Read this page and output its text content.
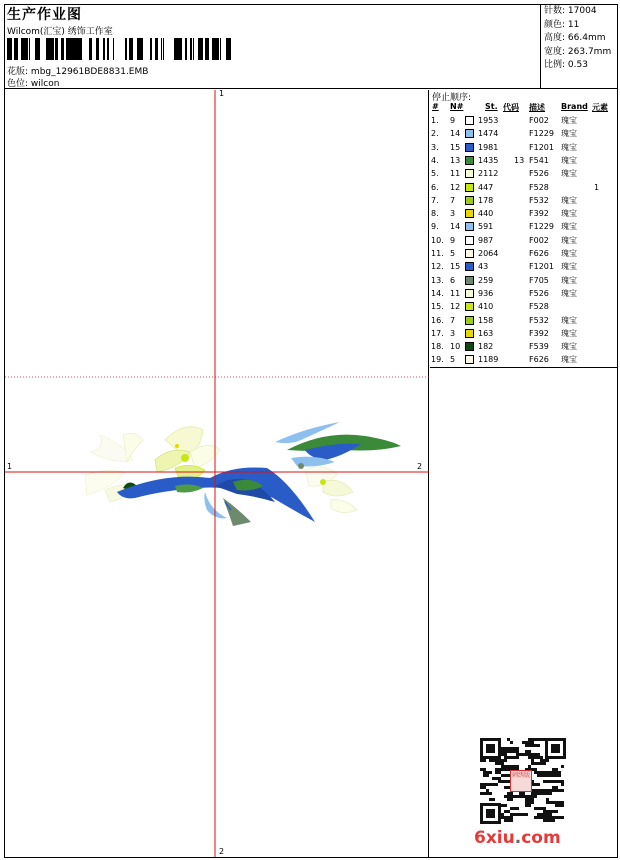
生产作业图
Wilcom(汇宝) 绣饰工作室
花版: mbg_12961BDE8831.EMB
色位: wilcon
针数: 17004
颜色: 11
高度: 66.4mm
宽度: 263.7mm
比例: 0.53
1
2
1	2
停止顺序:
# N#	St. 代码 描述 Brand 元素
1. 9	1953	F002 瑰宝
2. 14 1474	F1229 瑰宝
3. 15 1981	F1201 瑰宝
4. 13 1435 13 F541 瑰宝
5. 11 2112	F526 瑰宝
6. 12 447	F528	1
7. 7	178	F532 瑰宝
8. 3	440	F392 瑰宝
9. 14 591	F1229 瑰宝
10. 9	987	F002 瑰宝
11. 5	2064	F626 瑰宝
12. 15 43	F1201 瑰宝
13. 6	259	F705 瑰宝
14. 11 936	F526 瑰宝
15. 12 410	F528
16. 7	158	F532 瑰宝
17. 3	163	F392 瑰宝
18. 10 182	F539 瑰宝
19. 5	1189	F626 瑰宝
刺绣版
6xiu.com
